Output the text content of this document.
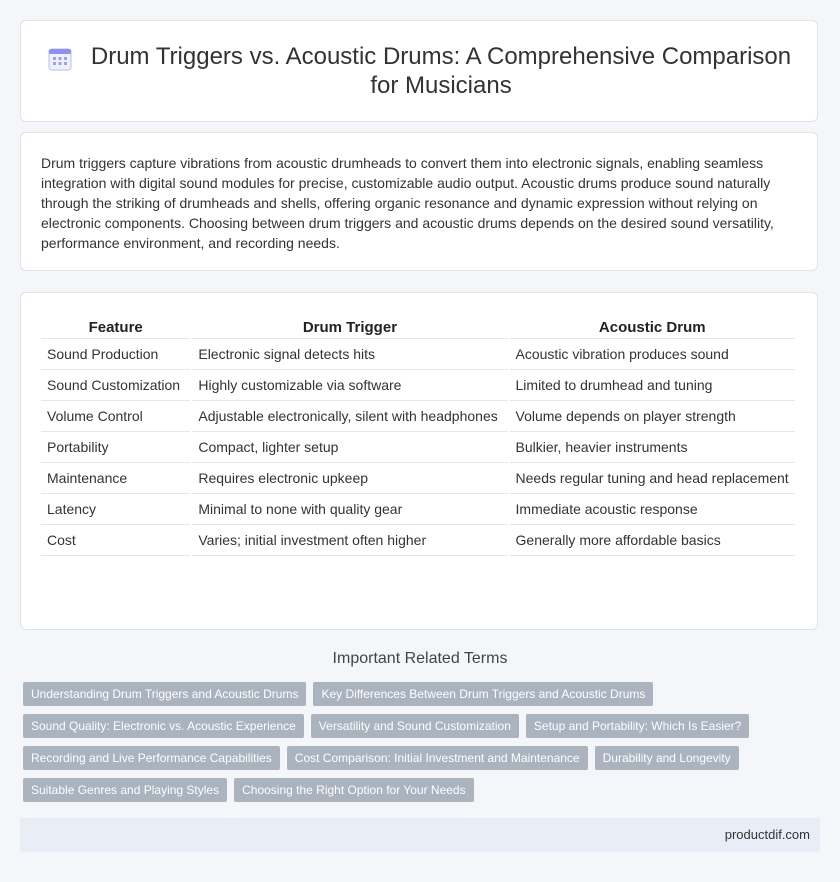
Drum Triggers vs. Acoustic Drums: A Comprehensive Comparison
for Musicians

Drum triggers capture vibrations from acoustic drumheads to convert them into electronic signals, enabling seamless integration with digital sound modules for precise, customizable audio output. Acoustic drums produce sound naturally through the striking of drumheads and shells, offering organic resonance and dynamic expression without relying on electronic components. Choosing between drum triggers and acoustic drums depends on the desired sound versatility, performance environment, and recording needs.

Feature	Drum Trigger	Acoustic Drum
Sound Production	Electronic signal detects hits	Acoustic vibration produces sound
Sound Customization	Highly customizable via software	Limited to drumhead and tuning
Volume Control	Adjustable electronically, silent with headphones	Volume depends on player strength
Portability	Compact, lighter setup	Bulkier, heavier instruments
Maintenance	Requires electronic upkeep	Needs regular tuning and head replacement
Latency	Minimal to none with quality gear	Immediate acoustic response
Cost	Varies; initial investment often higher	Generally more affordable basics
Important Related Terms
Understanding Drum Triggers and Acoustic Drums	Key Differences Between Drum Triggers and Acoustic Drums
Sound Quality: Electronic vs. Acoustic Experience	Versatility and Sound Customization	Setup and Portability: Which Is Easier?
Recording and Live Performance Capabilities	Cost Comparison: Initial Investment and Maintenance	Durability and Longevity
Suitable Genres and Playing Styles	Choosing the Right Option for Your Needs
productdif.com
